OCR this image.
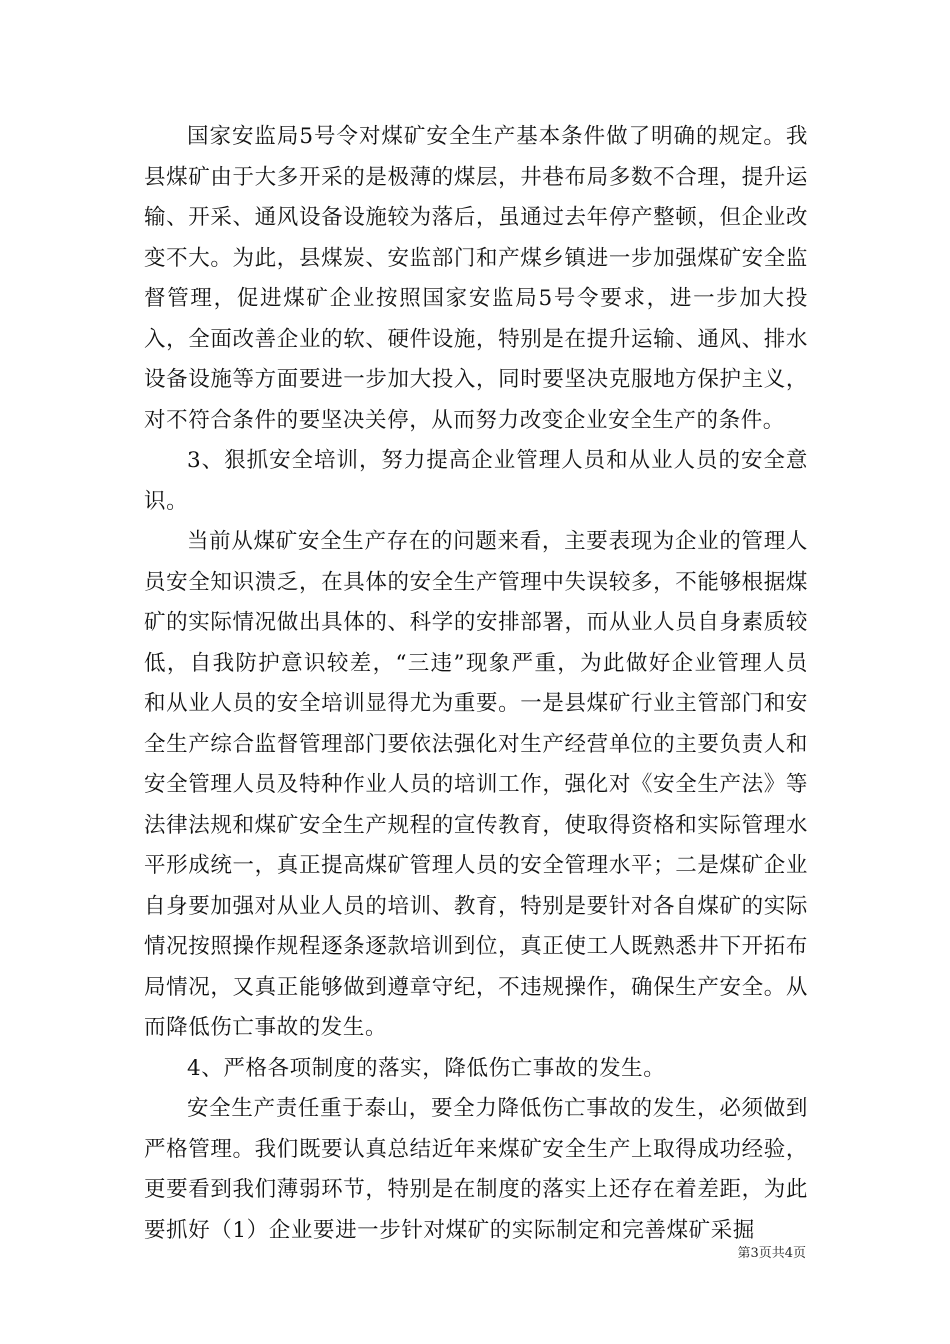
国家安监局5号令对煤矿安全生产基本条件做了明确的规定。我县煤矿由于大多开采的是极薄的煤层，井巷布局多数不合理，提升运输、开采、通风设备设施较为落后，虽通过去年停产整顿，但企业改变不大。为此，县煤炭、安监部门和产煤乡镇进一步加强煤矿安全监督管理，促进煤矿企业按照国家安监局5号令要求，进一步加大投入，全面改善企业的软、硬件设施，特别是在提升运输、通风、排水设备设施等方面要进一步加大投入，同时要坚决克服地方保护主义，对不符合条件的要坚决关停，从而努力改变企业安全生产的条件。

3、狠抓安全培训，努力提高企业管理人员和从业人员的安全意识。

当前从煤矿安全生产存在的问题来看，主要表现为企业的管理人员安全知识溃乏，在具体的安全生产管理中失误较多，不能够根据煤矿的实际情况做出具体的、科学的安排部署，而从业人员自身素质较低，自我防护意识较差，“三违”现象严重，为此做好企业管理人员和从业人员的安全培训显得尤为重要。一是县煤矿行业主管部门和安全生产综合监督管理部门要依法强化对生产经营单位的主要负责人和安全管理人员及特种作业人员的培训工作，强化对《安全生产法》等法律法规和煤矿安全生产规程的宣传教育，使取得资格和实际管理水平形成统一，真正提高煤矿管理人员的安全管理水平；二是煤矿企业自身要加强对从业人员的培训、教育，特别是要针对各自煤矿的实际情况按照操作规程逐条逐款培训到位，真正使工人既熟悉井下开拓布局情况，又真正能够做到遵章守纪，不违规操作，确保生产安全。从而降低伤亡事故的发生。

4、严格各项制度的落实，降低伤亡事故的发生。

安全生产责任重于泰山，要全力降低伤亡事故的发生，必须做到严格管理。我们既要认真总结近年来煤矿安全生产上取得成功经验，更要看到我们薄弱环节，特别是在制度的落实上还存在着差距，为此要抓好（1）企业要进一步针对煤矿的实际制定和完善煤矿采掘

第3页共4页
